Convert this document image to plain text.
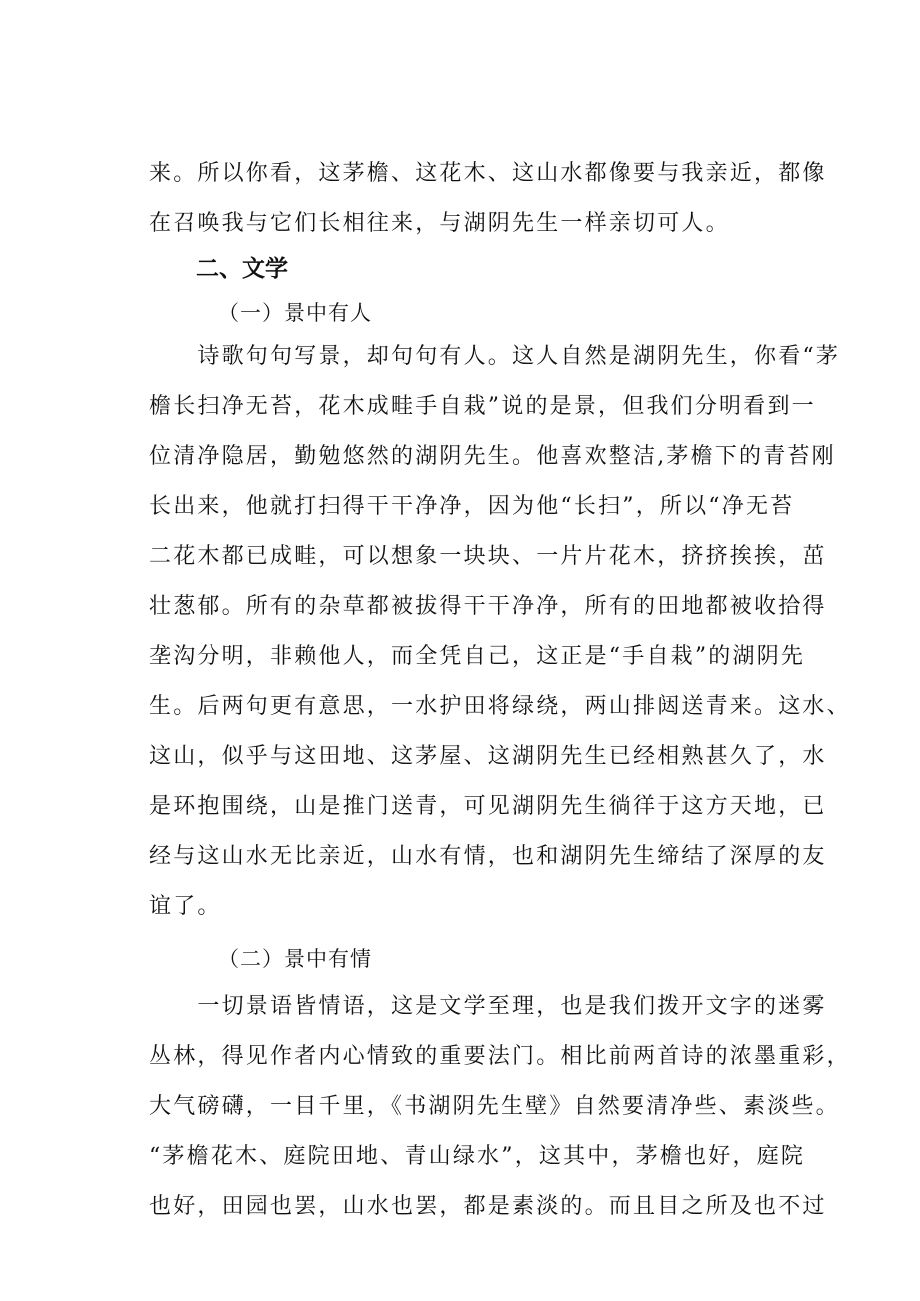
来。所以你看，这茅檐、这花木、这山水都像要与我亲近，都像
在召唤我与它们长相往来，与湖阴先生一样亲切可人。
二、文学
（一）景中有人
　　诗歌句句写景，却句句有人。这人自然是湖阴先生，你看“茅
檐长扫净无苔，花木成畦手自栽”说的是景，但我们分明看到一
位清净隐居，勤勉悠然的湖阴先生。他喜欢整洁,茅檐下的青苔刚
长出来，他就打扫得干干净净，因为他“长扫”，所以“净无苔
二花木都已成畦，可以想象一块块、一片片花木，挤挤挨挨，茁
壮葱郁。所有的杂草都被拔得干干净净，所有的田地都被收拾得
垄沟分明，非赖他人，而全凭自己，这正是“手自栽”的湖阴先
生。后两句更有意思，一水护田将绿绕，两山排闼送青来。这水、
这山，似乎与这田地、这茅屋、这湖阴先生已经相熟甚久了，水
是环抱围绕，山是推门送青，可见湖阴先生徜徉于这方天地，已
经与这山水无比亲近，山水有情，也和湖阴先生缔结了深厚的友
谊了。
（二）景中有情
　　一切景语皆情语，这是文学至理，也是我们拨开文字的迷雾
丛林，得见作者内心情致的重要法门。相比前两首诗的浓墨重彩，
大气磅礴，一目千里，《书湖阴先生壁》自然要清净些、素淡些。
“茅檐花木、庭院田地、青山绿水”，这其中，茅檐也好，庭院
也好，田园也罢，山水也罢，都是素淡的。而且目之所及也不过
